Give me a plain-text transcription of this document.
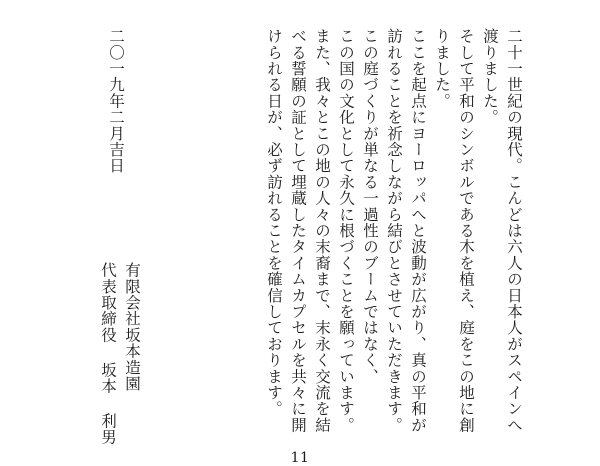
二十一世紀の現代。こんどは六人の日本人がスペインへ

渡りました。

そして平和のシンボルである木を植え、庭をこの地に創

りました。

ここを起点にヨーロッパへと波動が広がり、真の平和が

訪れることを祈念しながら結びとさせていただきます。

この庭づくりが単なる一過性のブームではなく、

この国の文化として永久に根づくことを願っています。

また、我々とこの地の人々の末裔まで、末永く交流を結

べる誓願の証として埋蔵したタイムカプセルを共々に開

けられる日が、必ず訪れることを確信しております。

有限会社坂本造園
代表取締役 坂本 利男
二〇一九年二月吉日
11
